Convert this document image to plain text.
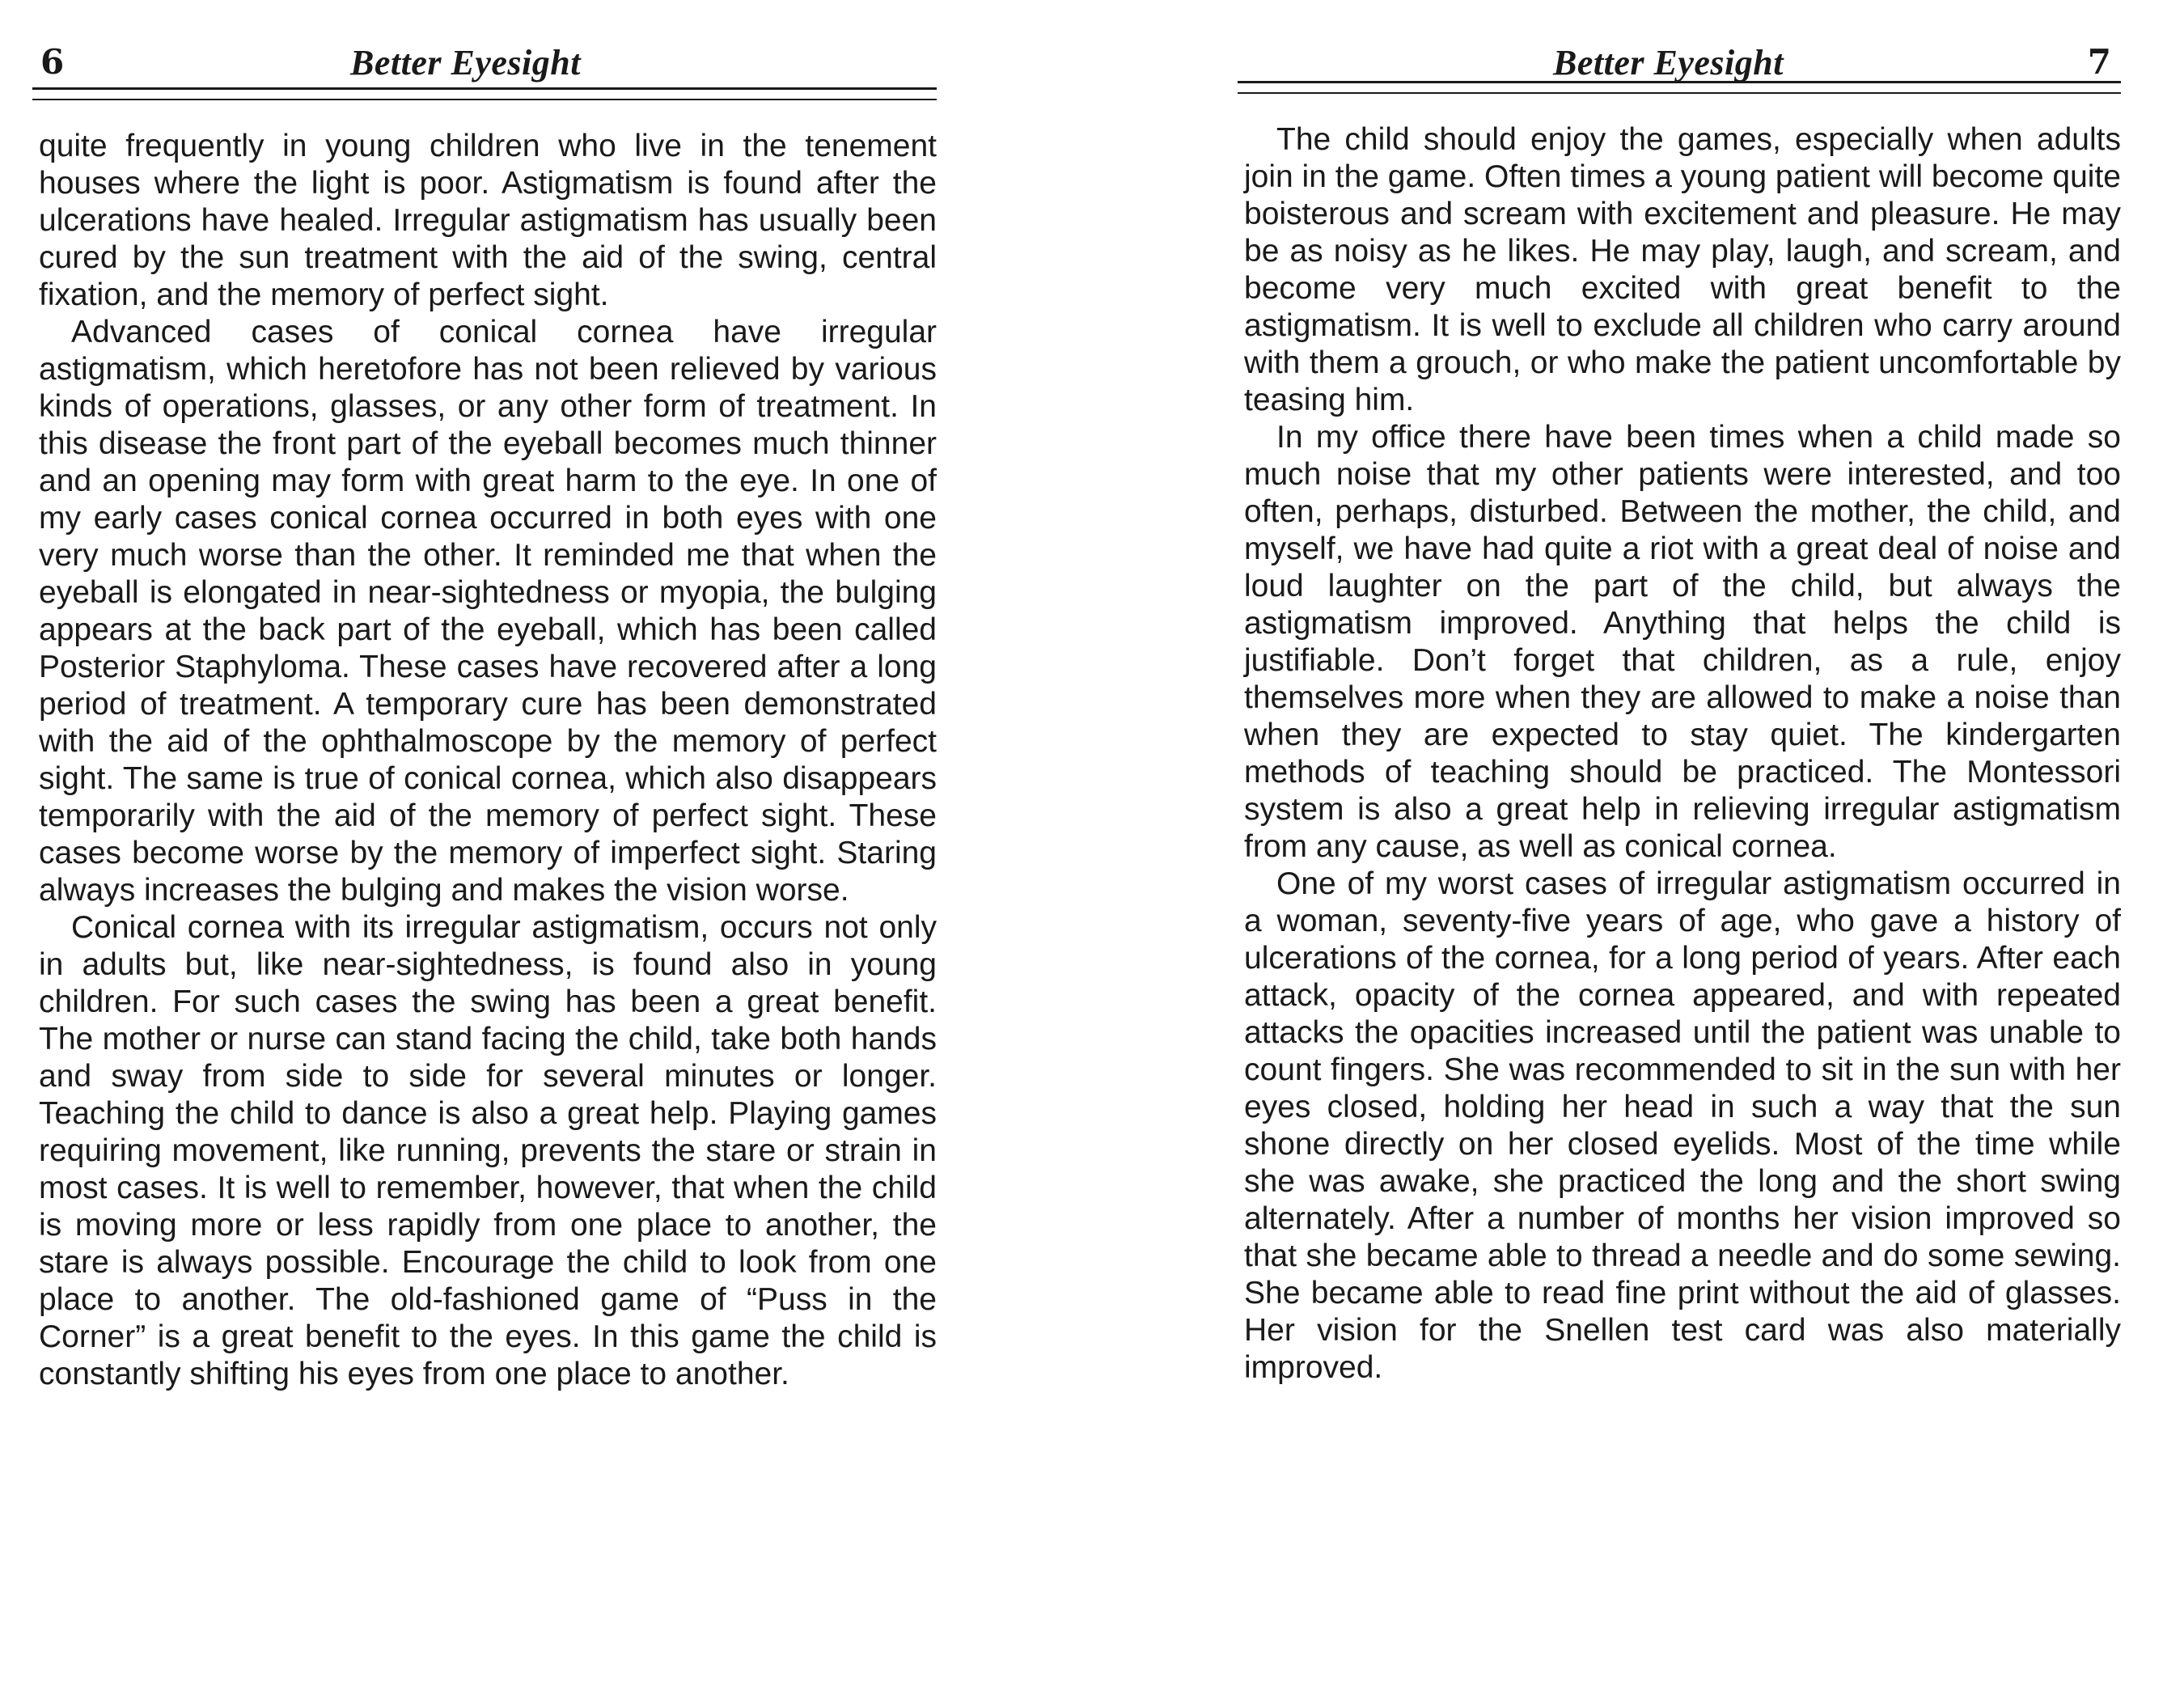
6	Better Eyesight

quite frequently in young children who live in the tenement houses where the light is poor. Astigmatism is found after the ulcerations have healed. Irregular astigmatism has usually been cured by the sun treatment with the aid of the swing, central fixation, and the memory of perfect sight.

Advanced cases of conical cornea have irregular astigmatism, which heretofore has not been relieved by various kinds of operations, glasses, or any other form of treatment. In this disease the front part of the eyeball becomes much thinner and an opening may form with great harm to the eye. In one of my early cases conical cornea occurred in both eyes with one very much worse than the other. It reminded me that when the eyeball is elongated in near-sightedness or myopia, the bulging appears at the back part of the eyeball, which has been called Posterior Staphyloma. These cases have recovered after a long period of treatment. A temporary cure has been demonstrated with the aid of the ophthalmoscope by the memory of perfect sight. The same is true of conical cornea, which also disappears temporarily with the aid of the memory of perfect sight. These cases become worse by the memory of imperfect sight. Staring always increases the bulging and makes the vision worse.

Conical cornea with its irregular astigmatism, occurs not only in adults but, like near-sightedness, is found also in young children. For such cases the swing has been a great benefit. The mother or nurse can stand facing the child, take both hands and sway from side to side for several minutes or longer. Teaching the child to dance is also a great help. Playing games requiring movement, like running, prevents the stare or strain in most cases. It is well to remember, however, that when the child is moving more or less rapidly from one place to another, the stare is always possible. Encourage the child to look from one place to another. The old-fashioned game of “Puss in the Corner” is a great benefit to the eyes. In this game the child is constantly shifting his eyes from one place to another.

Better Eyesight	7

The child should enjoy the games, especially when adults join in the game. Often times a young patient will become quite boisterous and scream with excitement and pleasure. He may be as noisy as he likes. He may play, laugh, and scream, and become very much excited with great benefit to the astigmatism. It is well to exclude all children who carry around with them a grouch, or who make the patient uncomfortable by teasing him.

In my office there have been times when a child made so much noise that my other patients were interested, and too often, perhaps, disturbed. Between the mother, the child, and myself, we have had quite a riot with a great deal of noise and loud laughter on the part of the child, but always the astigmatism improved. Anything that helps the child is justifiable. Don’t forget that children, as a rule, enjoy themselves more when they are allowed to make a noise than when they are expected to stay quiet. The kindergarten methods of teaching should be practiced. The Montessori system is also a great help in relieving irregular astigmatism from any cause, as well as conical cornea.

One of my worst cases of irregular astigmatism occurred in a woman, seventy-five years of age, who gave a history of ulcerations of the cornea, for a long period of years. After each attack, opacity of the cornea appeared, and with repeated attacks the opacities increased until the patient was unable to count fingers. She was recommended to sit in the sun with her eyes closed, holding her head in such a way that the sun shone directly on her closed eyelids. Most of the time while she was awake, she practiced the long and the short swing alternately. After a number of months her vision improved so that she became able to thread a needle and do some sewing. She became able to read fine print without the aid of glasses. Her vision for the Snellen test card was also materially improved.
